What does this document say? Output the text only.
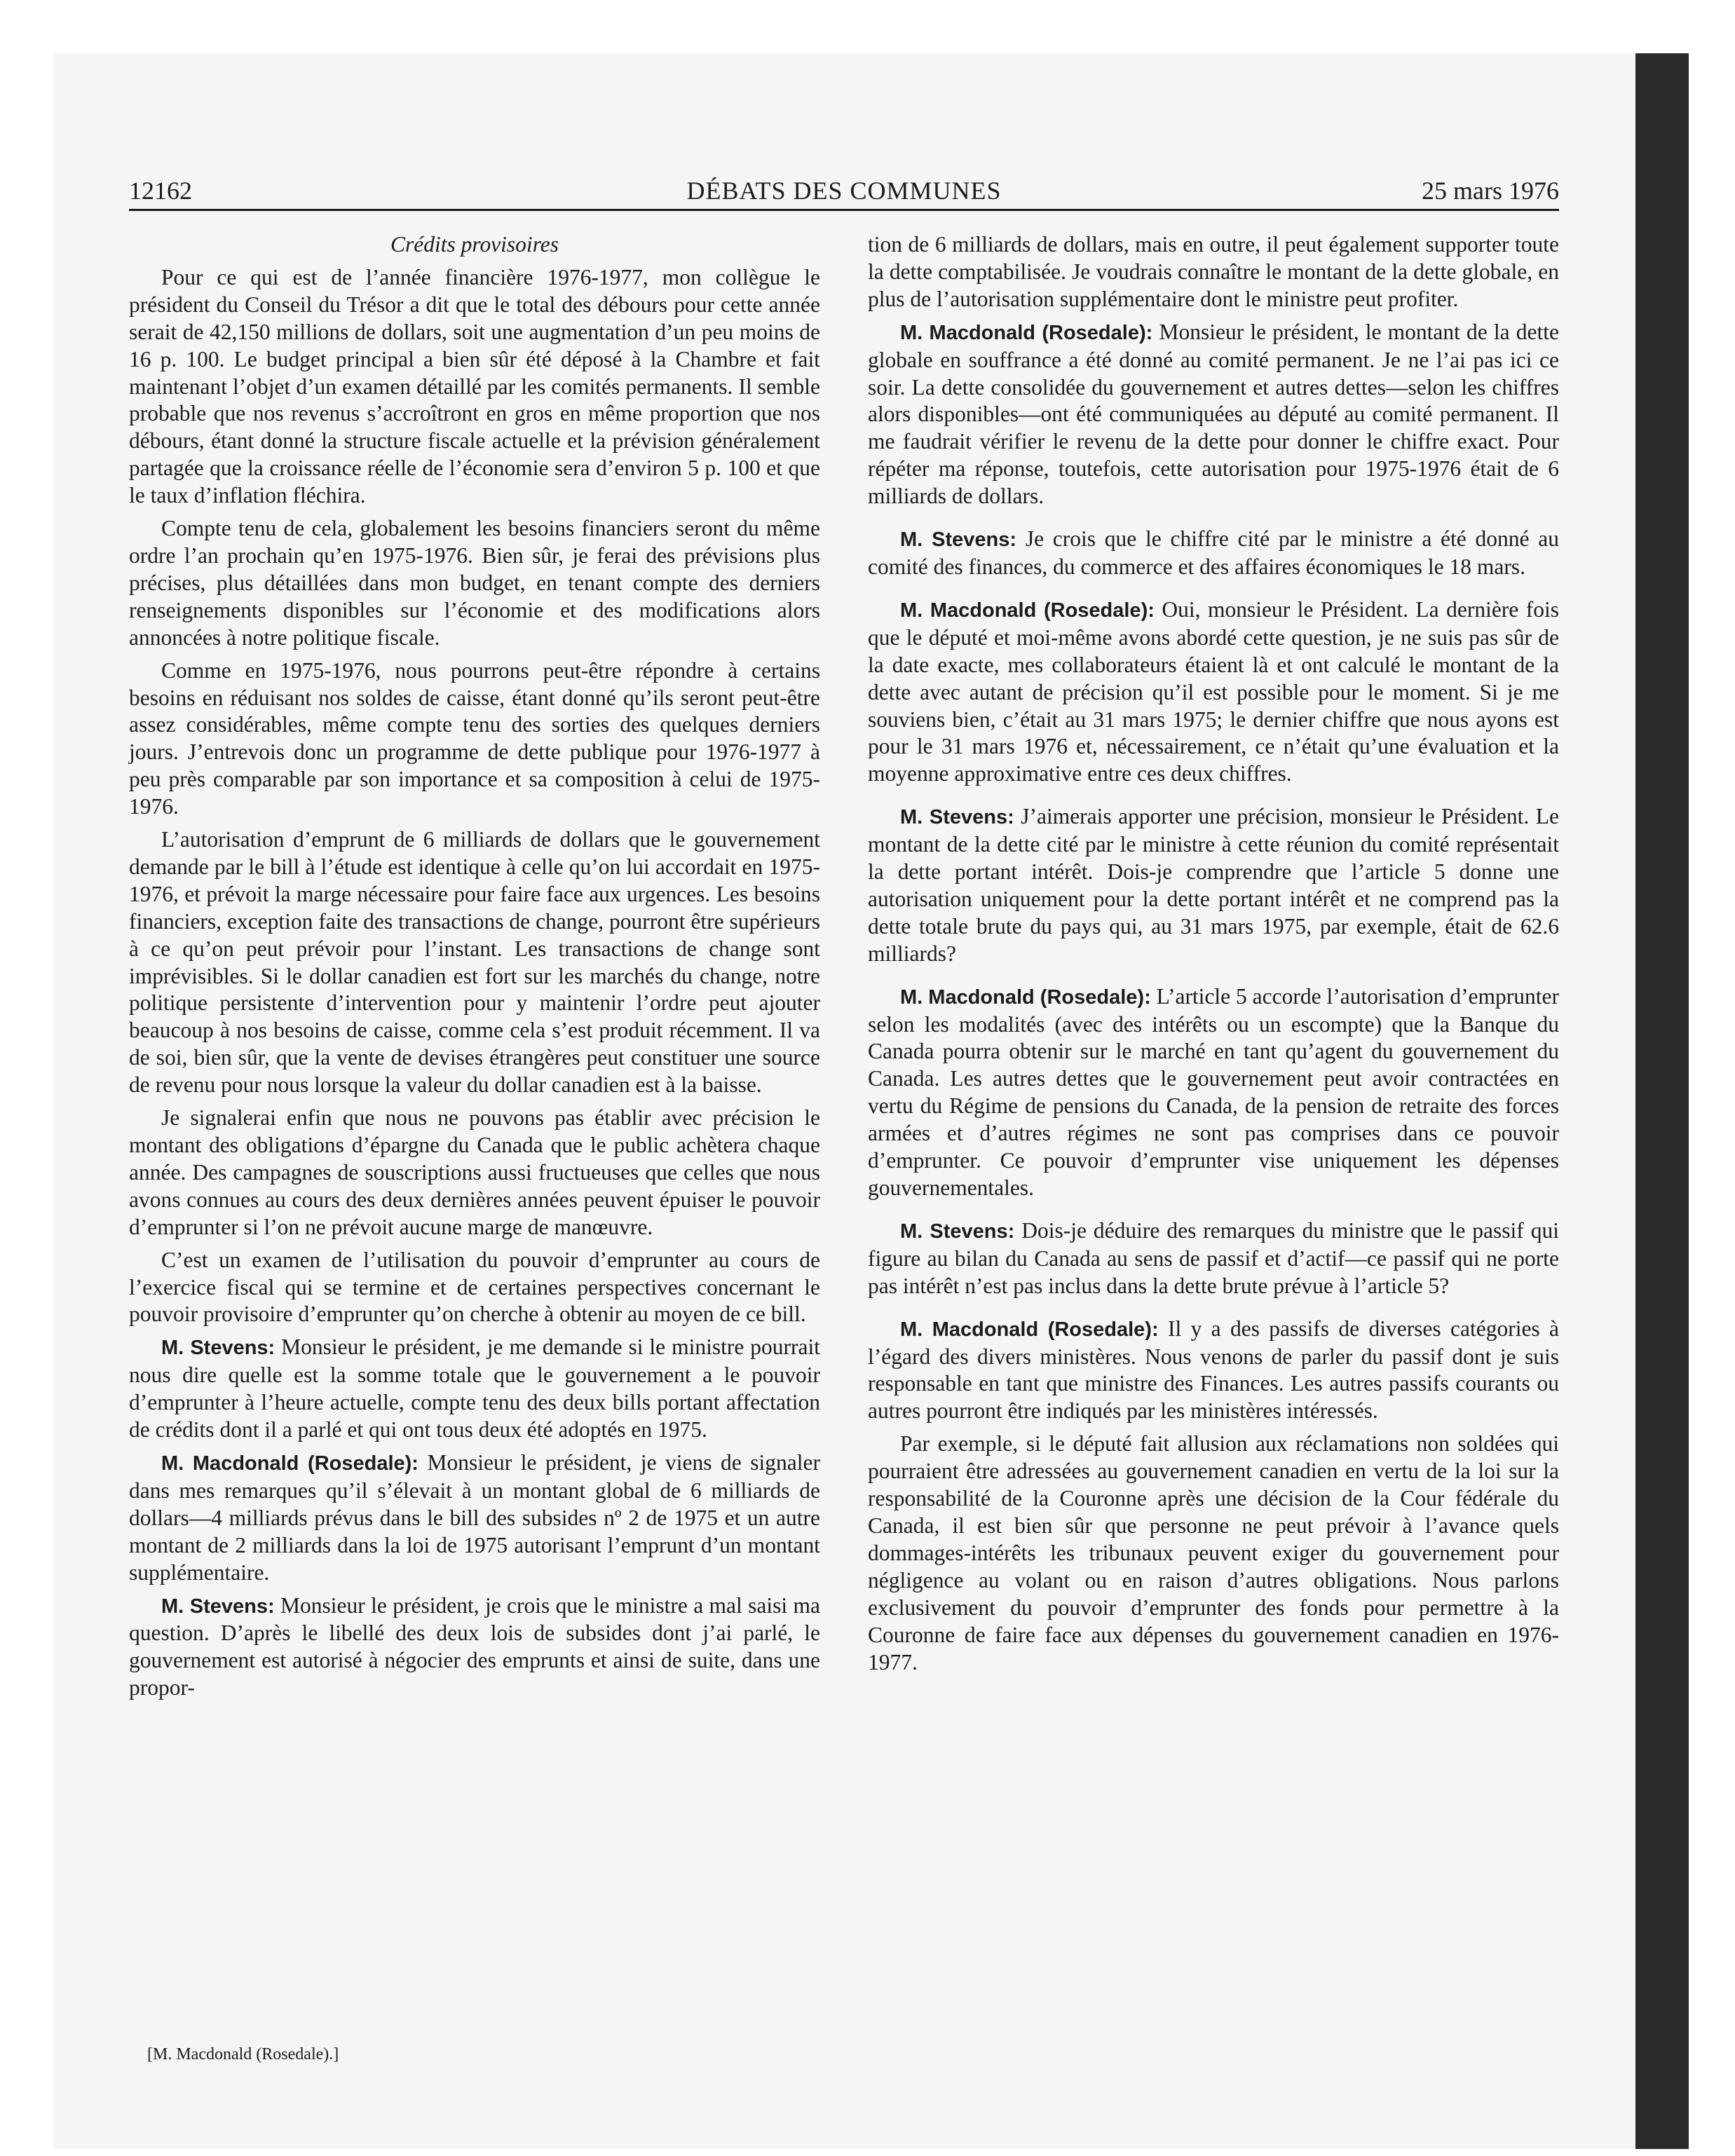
12162	DÉBATS DES COMMUNES	25 mars 1976

Crédits provisoires

Pour ce qui est de l’année financière 1976-1977, mon collègue le président du Conseil du Trésor a dit que le total des débours pour cette année serait de 42,150 millions de dollars, soit une augmentation d’un peu moins de 16 p. 100. Le budget principal a bien sûr été déposé à la Chambre et fait maintenant l’objet d’un examen détaillé par les comités permanents. Il semble probable que nos revenus s’accroîtront en gros en même proportion que nos débours, étant donné la structure fiscale actuelle et la prévision généralement partagée que la croissance réelle de l’économie sera d’environ 5 p. 100 et que le taux d’inflation fléchira.

Compte tenu de cela, globalement les besoins financiers seront du même ordre l’an prochain qu’en 1975-1976. Bien sûr, je ferai des prévisions plus précises, plus détaillées dans mon budget, en tenant compte des derniers renseignements disponibles sur l’économie et des modifications alors annoncées à notre politique fiscale.

Comme en 1975-1976, nous pourrons peut-être répondre à certains besoins en réduisant nos soldes de caisse, étant donné qu’ils seront peut-être assez considérables, même compte tenu des sorties des quelques derniers jours. J’entrevois donc un programme de dette publique pour 1976-1977 à peu près comparable par son importance et sa composition à celui de 1975-1976.

L’autorisation d’emprunt de 6 milliards de dollars que le gouvernement demande par le bill à l’étude est identique à celle qu’on lui accordait en 1975-1976, et prévoit la marge nécessaire pour faire face aux urgences. Les besoins financiers, exception faite des transactions de change, pourront être supérieurs à ce qu’on peut prévoir pour l’instant. Les transactions de change sont imprévisibles. Si le dollar canadien est fort sur les marchés du change, notre politique persistente d’intervention pour y maintenir l’ordre peut ajouter beaucoup à nos besoins de caisse, comme cela s’est produit récemment. Il va de soi, bien sûr, que la vente de devises étrangères peut constituer une source de revenu pour nous lorsque la valeur du dollar canadien est à la baisse.

Je signalerai enfin que nous ne pouvons pas établir avec précision le montant des obligations d’épargne du Canada que le public achètera chaque année. Des campagnes de souscriptions aussi fructueuses que celles que nous avons connues au cours des deux dernières années peuvent épuiser le pouvoir d’emprunter si l’on ne prévoit aucune marge de manœuvre.

C’est un examen de l’utilisation du pouvoir d’emprunter au cours de l’exercice fiscal qui se termine et de certaines perspectives concernant le pouvoir provisoire d’emprunter qu’on cherche à obtenir au moyen de ce bill.

M. Stevens: Monsieur le président, je me demande si le ministre pourrait nous dire quelle est la somme totale que le gouvernement a le pouvoir d’emprunter à l’heure actuelle, compte tenu des deux bills portant affectation de crédits dont il a parlé et qui ont tous deux été adoptés en 1975.

M. Macdonald (Rosedale): Monsieur le président, je viens de signaler dans mes remarques qu’il s’élevait à un montant global de 6 milliards de dollars—4 milliards prévus dans le bill des subsides nº 2 de 1975 et un autre montant de 2 milliards dans la loi de 1975 autorisant l’emprunt d’un montant supplémentaire.

M. Stevens: Monsieur le président, je crois que le ministre a mal saisi ma question. D’après le libellé des deux lois de subsides dont j’ai parlé, le gouvernement est autorisé à négocier des emprunts et ainsi de suite, dans une propor-

tion de 6 milliards de dollars, mais en outre, il peut également supporter toute la dette comptabilisée. Je voudrais connaître le montant de la dette globale, en plus de l’autorisation supplémentaire dont le ministre peut profiter.

M. Macdonald (Rosedale): Monsieur le président, le montant de la dette globale en souffrance a été donné au comité permanent. Je ne l’ai pas ici ce soir. La dette consolidée du gouvernement et autres dettes—selon les chiffres alors disponibles—ont été communiquées au député au comité permanent. Il me faudrait vérifier le revenu de la dette pour donner le chiffre exact. Pour répéter ma réponse, toutefois, cette autorisation pour 1975-1976 était de 6 milliards de dollars.

M. Stevens: Je crois que le chiffre cité par le ministre a été donné au comité des finances, du commerce et des affaires économiques le 18 mars.

M. Macdonald (Rosedale): Oui, monsieur le Président. La dernière fois que le député et moi-même avons abordé cette question, je ne suis pas sûr de la date exacte, mes collaborateurs étaient là et ont calculé le montant de la dette avec autant de précision qu’il est possible pour le moment. Si je me souviens bien, c’était au 31 mars 1975; le dernier chiffre que nous ayons est pour le 31 mars 1976 et, nécessairement, ce n’était qu’une évaluation et la moyenne approximative entre ces deux chiffres.

M. Stevens: J’aimerais apporter une précision, monsieur le Président. Le montant de la dette cité par le ministre à cette réunion du comité représentait la dette portant intérêt. Dois-je comprendre que l’article 5 donne une autorisation uniquement pour la dette portant intérêt et ne comprend pas la dette totale brute du pays qui, au 31 mars 1975, par exemple, était de 62.6 milliards?

M. Macdonald (Rosedale): L’article 5 accorde l’autorisation d’emprunter selon les modalités (avec des intérêts ou un escompte) que la Banque du Canada pourra obtenir sur le marché en tant qu’agent du gouvernement du Canada. Les autres dettes que le gouvernement peut avoir contractées en vertu du Régime de pensions du Canada, de la pension de retraite des forces armées et d’autres régimes ne sont pas comprises dans ce pouvoir d’emprunter. Ce pouvoir d’emprunter vise uniquement les dépenses gouvernementales.

M. Stevens: Dois-je déduire des remarques du ministre que le passif qui figure au bilan du Canada au sens de passif et d’actif—ce passif qui ne porte pas intérêt n’est pas inclus dans la dette brute prévue à l’article 5?

M. Macdonald (Rosedale): Il y a des passifs de diverses catégories à l’égard des divers ministères. Nous venons de parler du passif dont je suis responsable en tant que ministre des Finances. Les autres passifs courants ou autres pourront être indiqués par les ministères intéressés.

Par exemple, si le député fait allusion aux réclamations non soldées qui pourraient être adressées au gouvernement canadien en vertu de la loi sur la responsabilité de la Couronne après une décision de la Cour fédérale du Canada, il est bien sûr que personne ne peut prévoir à l’avance quels dommages-intérêts les tribunaux peuvent exiger du gouvernement pour négligence au volant ou en raison d’autres obligations. Nous parlons exclusivement du pouvoir d’emprunter des fonds pour permettre à la Couronne de faire face aux dépenses du gouvernement canadien en 1976-1977.

[M. Macdonald (Rosedale).]
